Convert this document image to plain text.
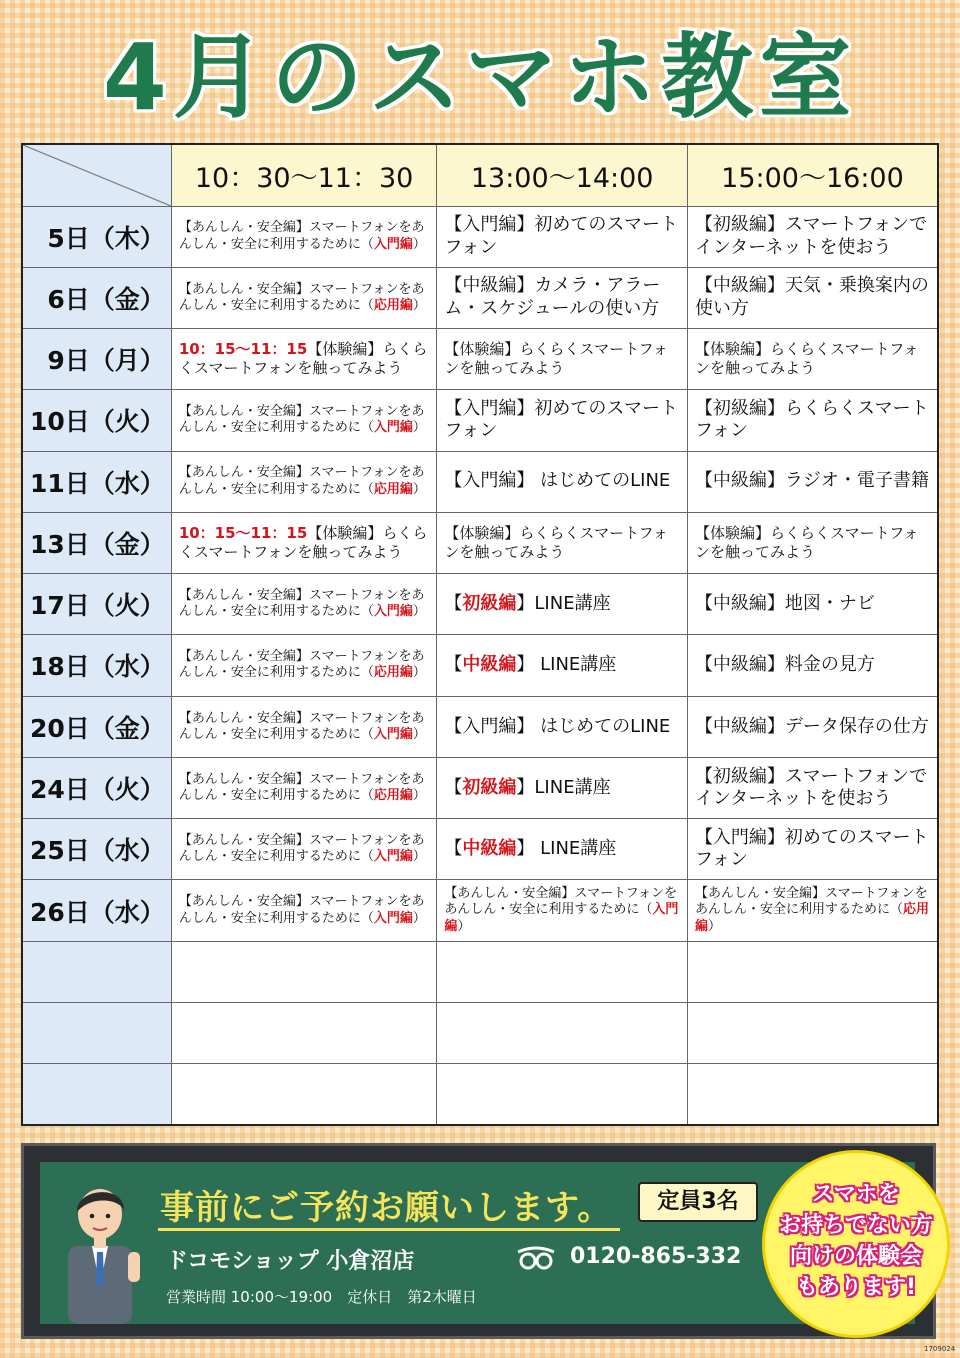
4月のスマホ教室
	10：30～11：30	13:00～14:00	15:00～16:00
5日（木）	【あんしん・安全編】スマートフォンをあんしん・安全に利用するために（入門編）	【入門編】初めてのスマートフォン	【初級編】スマートフォンでインターネットを使おう
6日（金）	【あんしん・安全編】スマートフォンをあんしん・安全に利用するために（応用編）	【中級編】カメラ・アラーム・スケジュールの使い方	【中級編】天気・乗換案内の使い方
9日（月）	10：15～11：15【体験編】らくらくスマートフォンを触ってみよう	【体験編】らくらくスマートフォンを触ってみよう	【体験編】らくらくスマートフォンを触ってみよう
10日（火）	【あんしん・安全編】スマートフォンをあんしん・安全に利用するために（入門編）	【入門編】初めてのスマートフォン	【初級編】らくらくスマートフォン
11日（水）	【あんしん・安全編】スマートフォンをあんしん・安全に利用するために（応用編）	【入門編】 はじめてのLINE	【中級編】ラジオ・電子書籍
13日（金）	10：15～11：15【体験編】らくらくスマートフォンを触ってみよう	【体験編】らくらくスマートフォンを触ってみよう	【体験編】らくらくスマートフォンを触ってみよう
17日（火）	【あんしん・安全編】スマートフォンをあんしん・安全に利用するために（入門編）	【初級編】LINE講座	【中級編】地図・ナビ
18日（水）	【あんしん・安全編】スマートフォンをあんしん・安全に利用するために（応用編）	【中級編】 LINE講座	【中級編】料金の見方
20日（金）	【あんしん・安全編】スマートフォンをあんしん・安全に利用するために（入門編）	【入門編】 はじめてのLINE	【中級編】データ保存の仕方
24日（火）	【あんしん・安全編】スマートフォンをあんしん・安全に利用するために（応用編）	【初級編】LINE講座	【初級編】スマートフォンでインターネットを使おう
25日（水）	【あんしん・安全編】スマートフォンをあんしん・安全に利用するために（入門編）	【中級編】 LINE講座	【入門編】初めてのスマートフォン
26日（水）	【あんしん・安全編】スマートフォンをあんしん・安全に利用するために（入門編）	【あんしん・安全編】スマートフォンをあんしん・安全に利用するために（入門編）	【あんしん・安全編】スマートフォンをあんしん・安全に利用するために（応用編）

事前にご予約お願いします。	定員3名
ドコモショップ 小倉沼店	0120-865-332
営業時間 10:00～19:00　定休日　第2木曜日
スマホを
お持ちでない方
向けの体験会
もあります!
1709024
